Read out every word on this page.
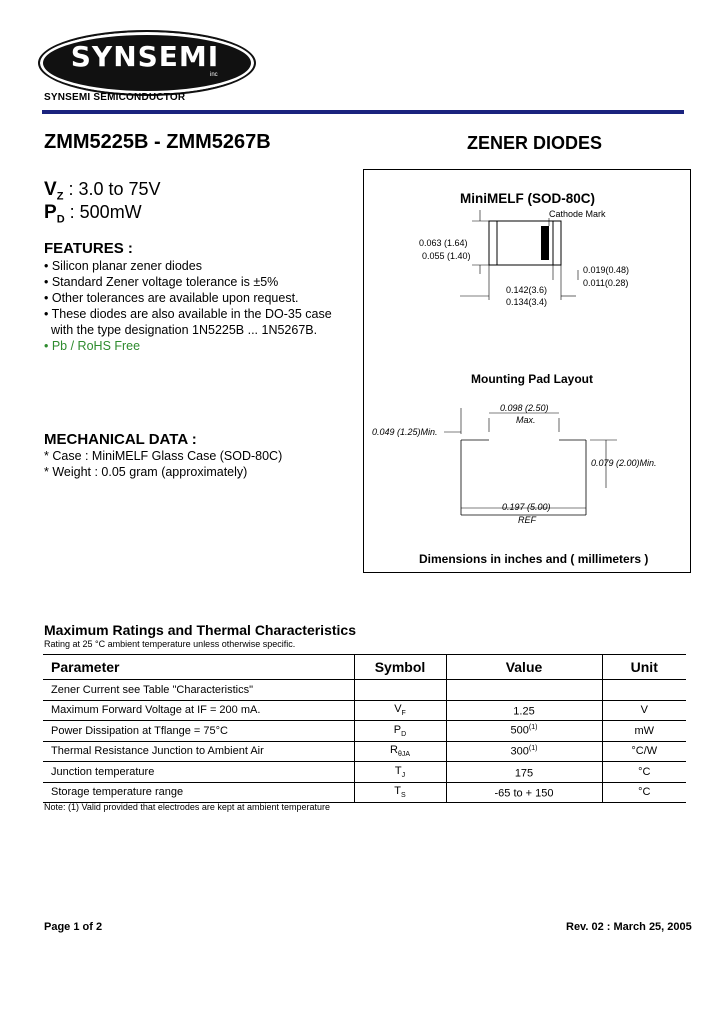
SYNSEMI
inc
SYNSEMI SEMICONDUCTOR
ZMM5225B - ZMM5267B	ZENER DIODES
$V_Z$ : 3.0 to 75V
$P_D$ : 500mW
FEATURES :
• Silicon planar zener diodes
• Standard Zener voltage tolerance is ±5%
• Other tolerances are available upon request.
• These diodes are also available in the DO-35 case
with the type designation 1N5225B ... 1N5267B.
• Pb / RoHS Free
MECHANICAL DATA :
* Case : MiniMELF Glass Case (SOD-80C)
* Weight : 0.05 gram (approximately)
MiniMELF (SOD-80C)
Cathode Mark
0.063 (1.64)
0.055 (1.40)
0.019(0.48)
0.011(0.28)
0.142(3.6)
0.134(3.4)
Mounting Pad Layout
0.098 (2.50)
Max.
0.049 (1.25)Min.
0.079 (2.00)Min.
0.197 (5.00)
REF
Dimensions in inches and ( millimeters )
Maximum Ratings and Thermal Characteristics
Rating at 25 °C ambient temperature unless otherwise specific.
Parameter	Symbol	Value	Unit
Zener Current see Table "Characteristics"			
Maximum Forward Voltage at IF = 200 mA.	$V_F$	1.25	V
Power Dissipation at Tflange = 75°C	$P_D$	500$^{(1)}$	mW
Thermal Resistance Junction to Ambient Air	$R_{\theta JA}$	300$^{(1)}$	°C/W
Junction temperature	$T_J$	175	°C
Storage temperature range	$T_S$	-65 to + 150	°C
Note: (1) Valid provided that electrodes are kept at ambient temperature
Page 1 of 2	Rev. 02 : March 25, 2005
